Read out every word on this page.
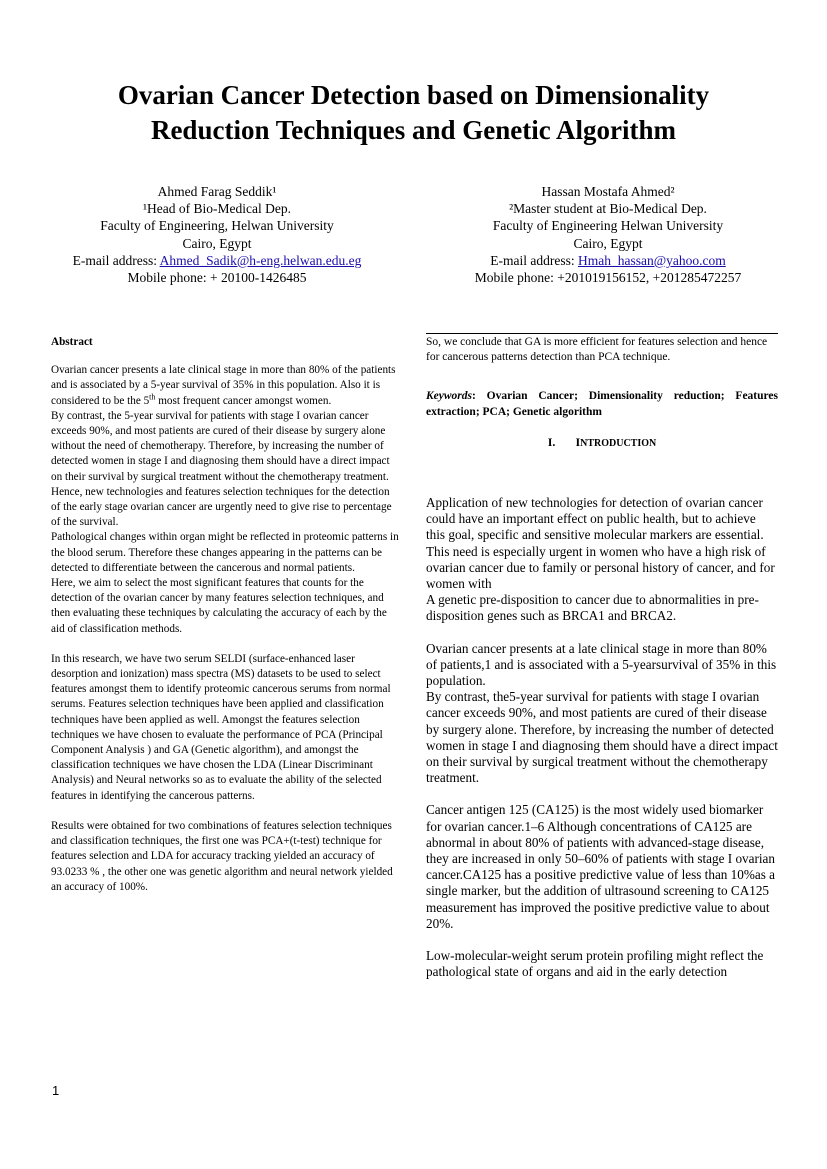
Ovarian Cancer Detection based on Dimensionality
Reduction Techniques and Genetic Algorithm
Ahmed Farag Seddik¹
¹Head of Bio-Medical Dep.
Faculty of Engineering, Helwan University
Cairo, Egypt
E-mail address: Ahmed_Sadik@h-eng.helwan.edu.eg
Mobile phone: + 20100-1426485
Hassan Mostafa Ahmed²
²Master student at Bio-Medical Dep.
Faculty of Engineering Helwan University
Cairo, Egypt
E-mail address: Hmah_hassan@yahoo.com
Mobile phone: +201019156152, +201285472257

Abstract

Ovarian cancer presents a late clinical stage in more than 80% of the patients and is associated by a 5-year survival of 35% in this population. Also it is considered to be the 5th most frequent cancer amongst women.

By contrast, the 5-year survival for patients with stage I ovarian cancer exceeds 90%, and most patients are cured of their disease by surgery alone without the need of chemotherapy. Therefore, by increasing the number of detected women in stage I and diagnosing them should have a direct impact on their survival by surgical treatment without the chemotherapy treatment.

Hence, new technologies and features selection techniques for the detection of the early stage ovarian cancer are urgently need to give rise to percentage of the survival.

Pathological changes within organ might be reflected in proteomic patterns in the blood serum. Therefore these changes appearing in the patterns can be detected to differentiate between the cancerous and normal patients.

Here, we aim to select the most significant features that counts for the detection of the ovarian cancer by many features selection techniques, and then evaluating these techniques by calculating the accuracy of each by the aid of classification methods.

In this research, we have two serum SELDI (surface-enhanced laser desorption and ionization) mass spectra (MS) datasets to be used to select features amongst them to identify proteomic cancerous serums from normal serums. Features selection techniques have been applied and classification techniques have been applied as well. Amongst the features selection techniques we have chosen to evaluate the performance of PCA (Principal Component Analysis ) and GA (Genetic algorithm), and amongst the classification techniques we have chosen the LDA (Linear Discriminant Analysis) and Neural networks so as to evaluate the ability of the selected features in identifying the cancerous patterns.

Results were obtained for two combinations of features selection techniques and classification techniques, the first one was PCA+(t-test) technique for features selection and LDA for accuracy tracking yielded an accuracy of 93.0233 % , the other one was genetic algorithm and neural network yielded an accuracy of 100%.

So, we conclude that GA is more efficient for features selection and hence for cancerous patterns detection than PCA technique.

Keywords: Ovarian Cancer; Dimensionality reduction; Features extraction; PCA; Genetic algorithm

I. INTRODUCTION

Application of new technologies for detection of ovarian cancer could have an important effect on public health, but to achieve this goal, specific and sensitive molecular markers are essential. This need is especially urgent in women who have a high risk of ovarian cancer due to family or personal history of cancer, and for women with

A genetic pre-disposition to cancer due to abnormalities in pre-disposition genes such as BRCA1 and BRCA2.

Ovarian cancer presents at a late clinical stage in more than 80% of patients,1 and is associated with a 5-yearsurvival of 35% in this population.

By contrast, the5-year survival for patients with stage I ovarian cancer exceeds 90%, and most patients are cured of their disease by surgery alone. Therefore, by increasing the number of detected women in stage I and diagnosing them should have a direct impact on their survival by surgical treatment without the chemotherapy treatment.

Cancer antigen 125 (CA125) is the most widely used biomarker for ovarian cancer.1–6 Although concentrations of CA125 are abnormal in about 80% of patients with advanced-stage disease, they are increased in only 50–60% of patients with stage I ovarian cancer.CA125 has a positive predictive value of less than 10%as a single marker, but the addition of ultrasound screening to CA125 measurement has improved the positive predictive value to about 20%.

Low-molecular-weight serum protein profiling might reflect the pathological state of organs and aid in the early detection

1
